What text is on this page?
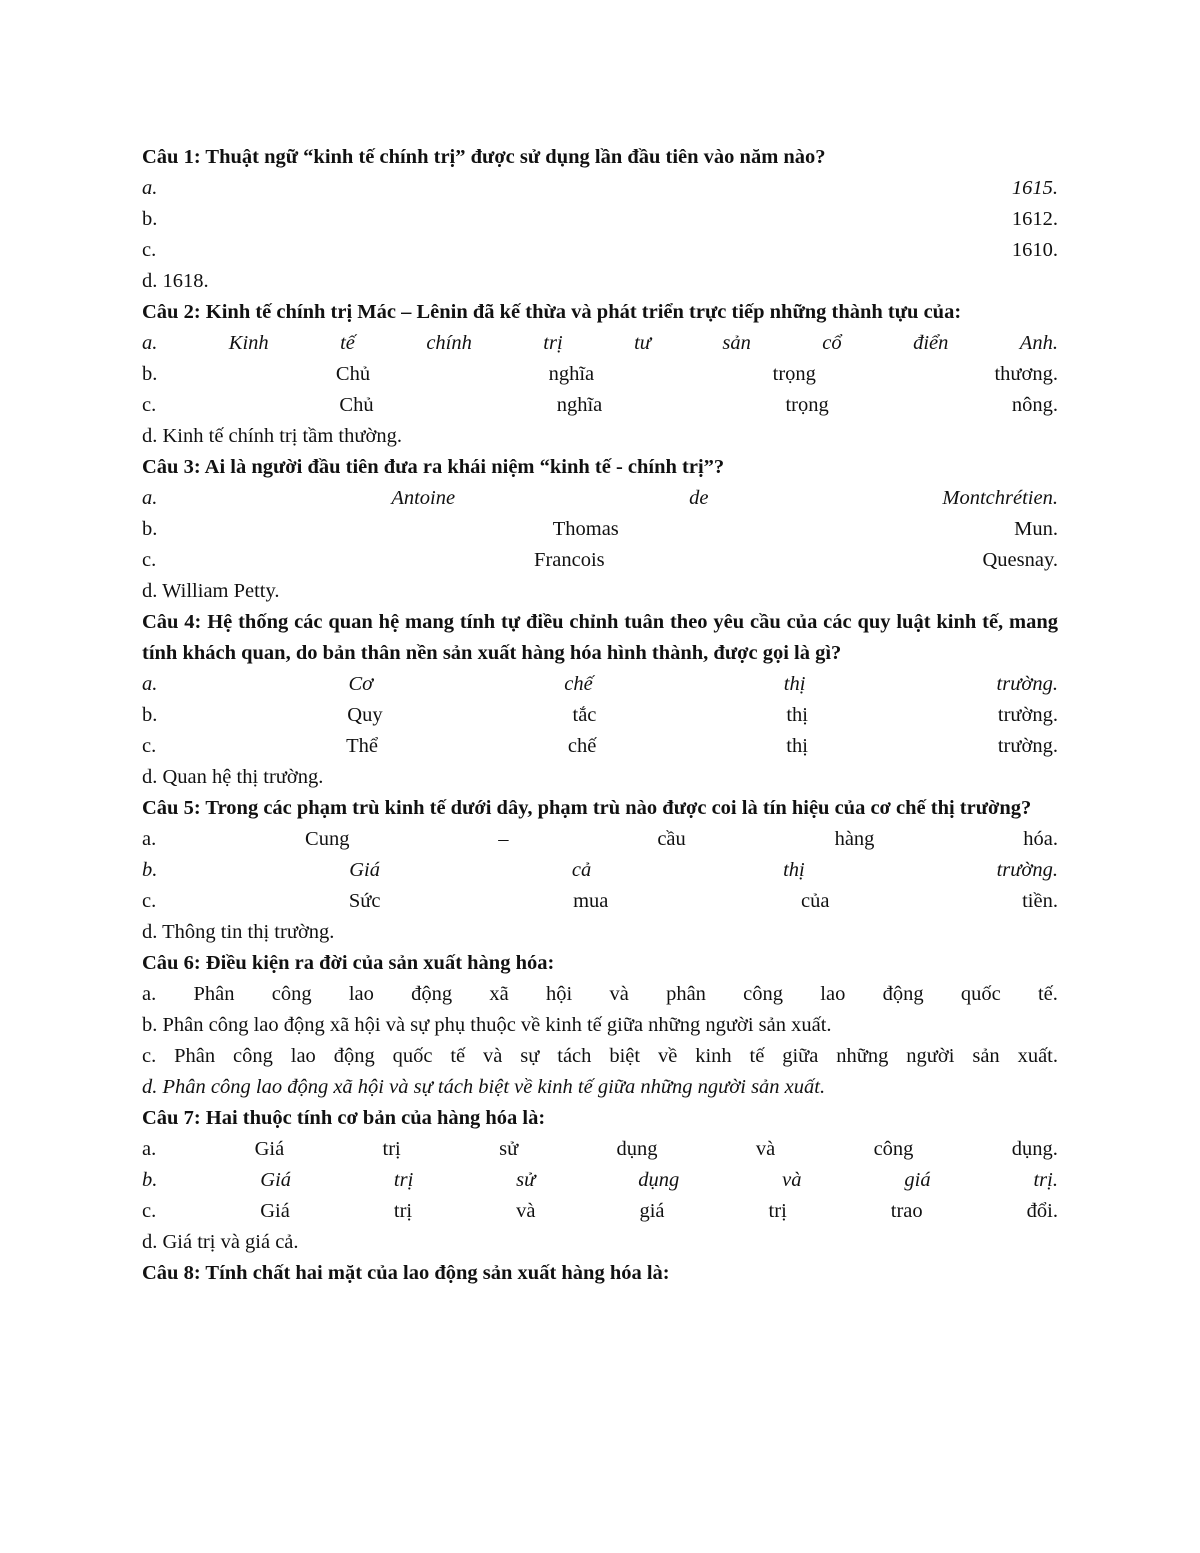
Câu 1: Thuật ngữ “kinh tế chính trị” được sử dụng lần đầu tiên vào năm nào?
a.	1615.
b.	1612.
c.	1610.
d. 1618.
Câu 2: Kinh tế chính trị Mác – Lênin đã kế thừa và phát triển trực tiếp những thành tựu của:
a.	Kinh	tế	chính	trị	tư	sản	cổ	điển	Anh.
b.	Chủ	nghĩa	trọng	thương.
c.	Chủ	nghĩa	trọng	nông.
d. Kinh tế chính trị tầm thường.
Câu 3: Ai là người đầu tiên đưa ra khái niệm “kinh tế - chính trị”?
a.	Antoine	de	Montchrétien.
b.	Thomas	Mun.
c.	Francois	Quesnay.
d. William Petty.
Câu 4: Hệ thống các quan hệ mang tính tự điều chỉnh tuân theo yêu cầu của các quy luật kinh tế, mang tính khách quan, do bản thân nền sản xuất hàng hóa hình thành, được gọi là gì?
a.	Cơ	chế	thị	trường.
b.	Quy	tắc	thị	trường.
c.	Thể	chế	thị	trường.
d. Quan hệ thị trường.
Câu 5: Trong các phạm trù kinh tế dưới dây, phạm trù nào được coi là tín hiệu của cơ chế thị trường?
a.	Cung	–	cầu	hàng	hóa.
b.	Giá	cả	thị	trường.
c.	Sức	mua	của	tiền.
d. Thông tin thị trường.
Câu 6: Điều kiện ra đời của sản xuất hàng hóa:
a. Phân công lao động xã hội và phân công lao động quốc tế.
b. Phân công lao động xã hội và sự phụ thuộc về kinh tế giữa những người sản xuất.
c. Phân công lao động quốc tế và sự tách biệt về kinh tế giữa những người sản xuất.
d. Phân công lao động xã hội và sự tách biệt về kinh tế giữa những người sản xuất.
Câu 7: Hai thuộc tính cơ bản của hàng hóa là:
a.	Giá	trị	sử	dụng	và	công	dụng.
b.	Giá	trị	sử	dụng	và	giá	trị.
c.	Giá	trị	và	giá	trị	trao	đổi.
d. Giá trị và giá cả.
Câu 8: Tính chất hai mặt của lao động sản xuất hàng hóa là:
